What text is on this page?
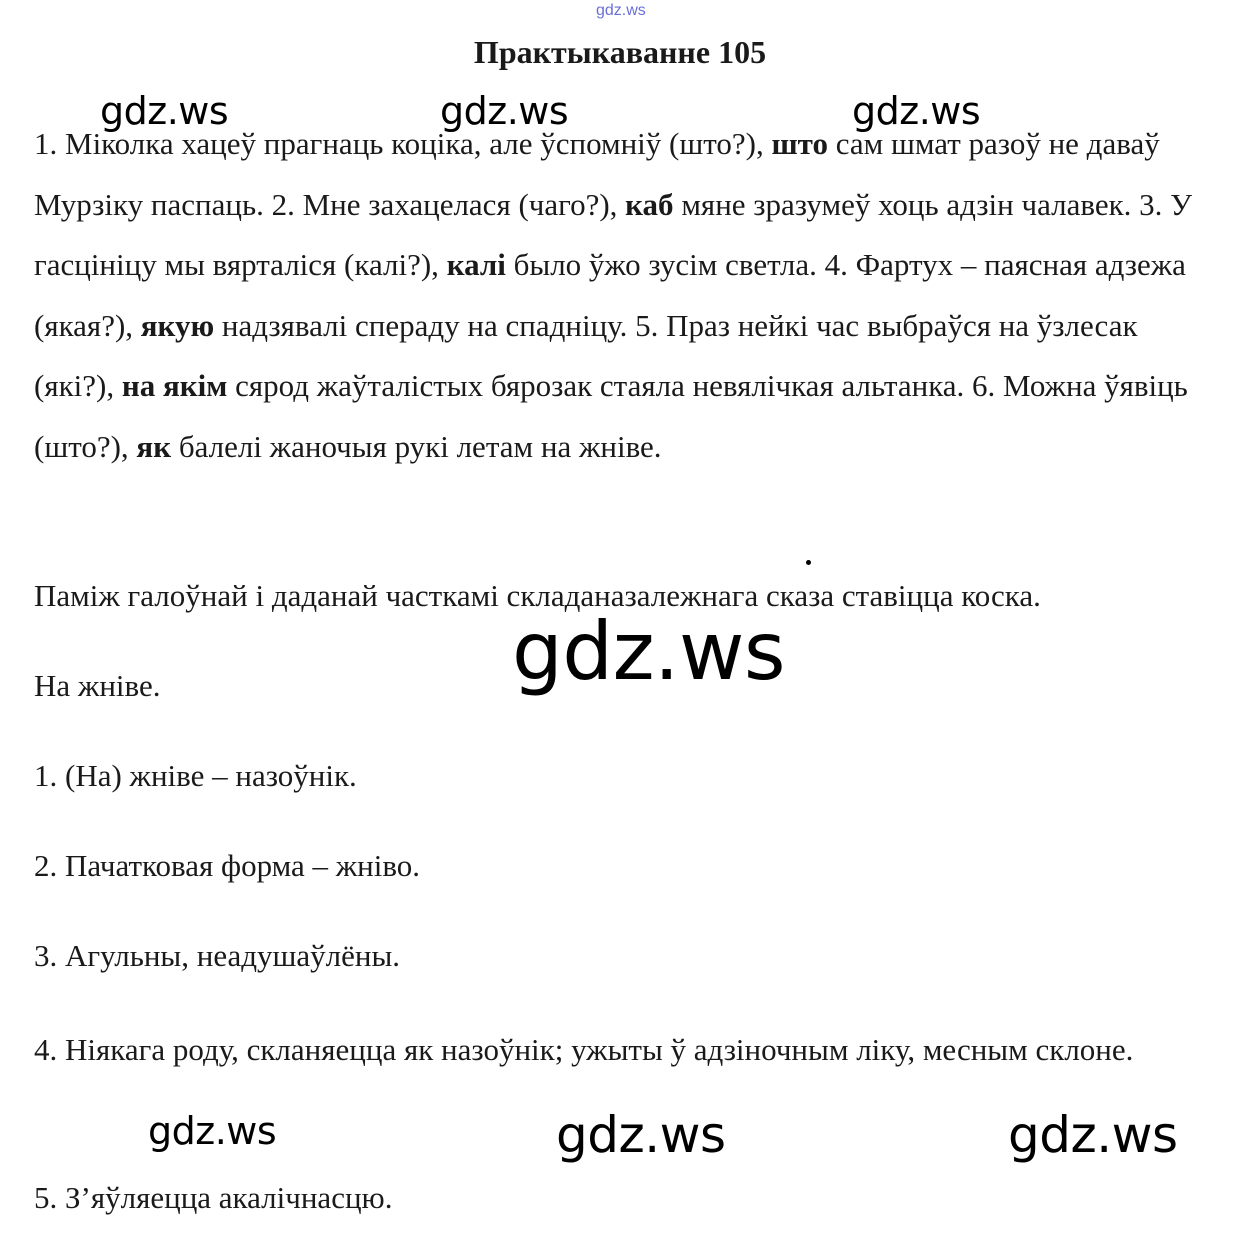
gdz.ws
Практыкаванне 105
gdz.ws	gdz.ws	gdz.ws

1. Міколка хацеў прагнаць коціка, але ўспомніў (што?), што сам шмат разоў не даваў Мурзіку паспаць. 2. Мне захацелася (чаго?), каб мяне зразумеў хоць адзін чалавек. 3. У гасцініцу мы вярталіся (калі?), калі было ўжо зусім светла. 4. Фартух – паясная адзежа (якая?), якую надзявалі спераду на спадніцу. 5. Праз нейкі час выбраўся на ўзлесак (які?), на якім сярод жаўталістых бярозак стаяла невялічкая альтанка. 6. Можна ўявіць (што?), як балелі жаночыя рукі летам на жніве.

Паміж галоўнай і даданай часткамі складаназалежнага сказа ставіцца коска.
gdz.ws
На жніве.
1. (На) жніве – назоўнік.
2. Пачатковая форма – жніво.
3. Агульны, неадушаўлёны.
4. Ніякага роду, скланяецца як назоўнік; ужыты ў адзіночным ліку, месным склоне.
gdz.ws	gdz.ws	gdz.ws
5. З’яўляецца акалічнасцю.
